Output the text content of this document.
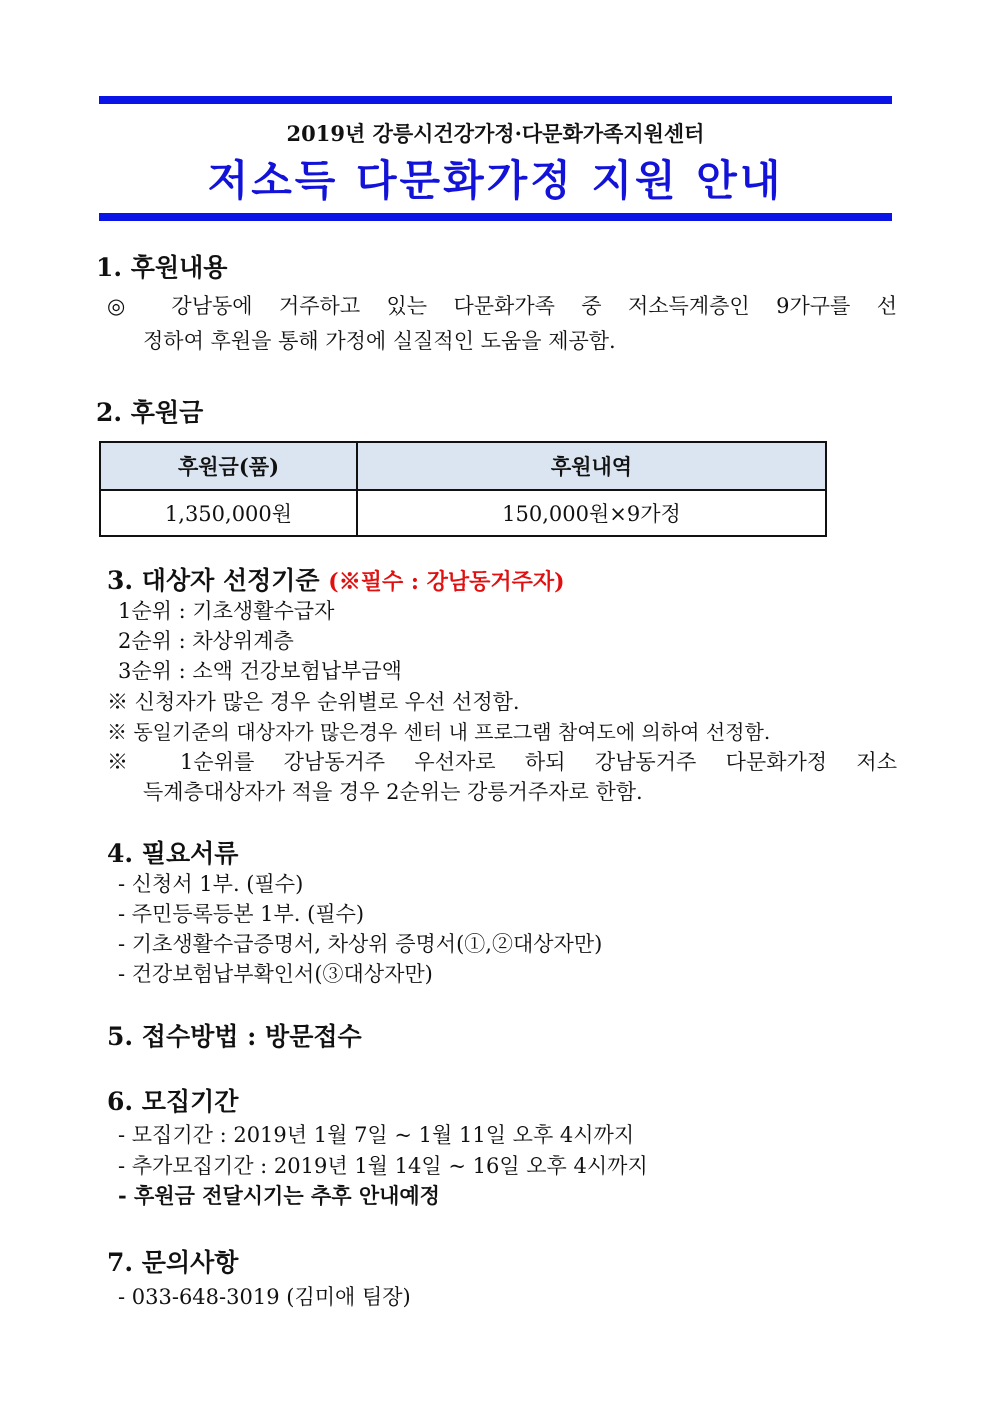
2019년 강릉시건강가정·다문화가족지원센터
저소득 다문화가정 지원 안내
1. 후원내용
◎ 강남동에 거주하고 있는 다문화가족 중 저소득계층인 9가구를 선
정하여 후원을 통해 가정에 실질적인 도움을 제공함.
2. 후원금
후원금(품)	후원내역
1,350,000원	150,000원×9가정
3. 대상자 선정기준 (※필수 : 강남동거주자)
1순위 : 기초생활수급자
2순위 : 차상위계층
3순위 : 소액 건강보험납부금액
※ 신청자가 많은 경우 순위별로 우선 선정함.
※ 동일기준의 대상자가 많은경우 센터 내 프로그램 참여도에 의하여 선정함.
※ 1순위를 강남동거주 우선자로 하되 강남동거주 다문화가정 저소
득계층대상자가 적을 경우 2순위는 강릉거주자로 한함.
4. 필요서류
- 신청서 1부. (필수)
- 주민등록등본 1부. (필수)
- 기초생활수급증명서, 차상위 증명서(①,②대상자만)
- 건강보험납부확인서(③대상자만)
5. 접수방법 : 방문접수
6. 모집기간
- 모집기간 : 2019년 1월 7일 ~ 1월 11일 오후 4시까지
- 추가모집기간 : 2019년 1월 14일 ~ 16일 오후 4시까지
- 후원금 전달시기는 추후 안내예정
7. 문의사항
- 033-648-3019 (김미애 팀장)
